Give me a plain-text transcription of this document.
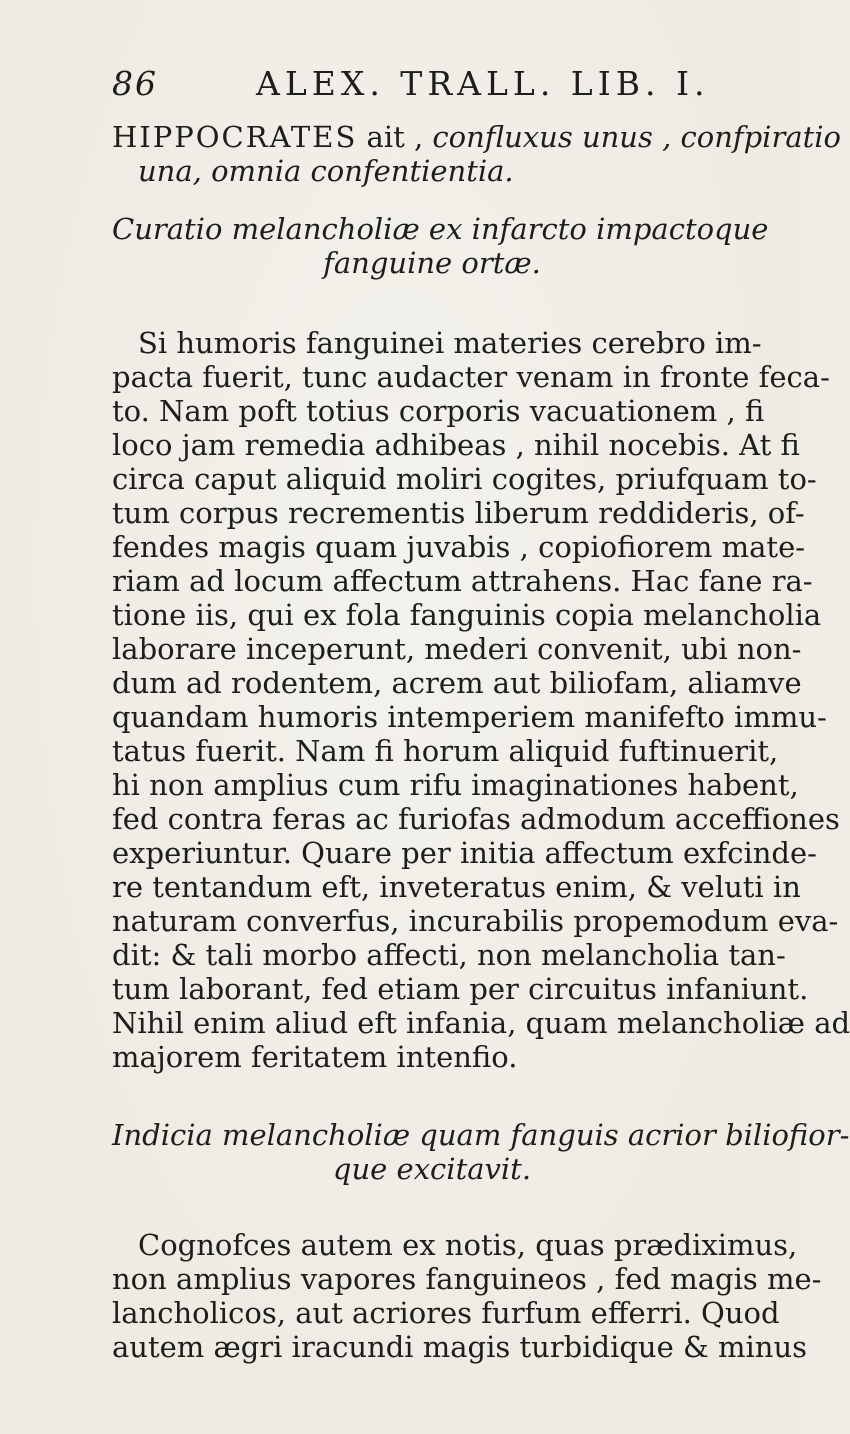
86	ALEX. TRALL. LIB. I.
HIPPOCRATES ait , confluxus unus , confpiratio
una, omnia confentientia.
Curatio melancholiæ ex infarcto impactoque
fanguine ortæ.
Si humoris fanguinei materies cerebro im-
pacta fuerit, tunc audacter venam in fronte feca-
to. Nam poft totius corporis vacuationem , fi
loco jam remedia adhibeas , nihil nocebis. At fi
circa caput aliquid moliri cogites, priufquam to-
tum corpus recrementis liberum reddideris, of-
fendes magis quam juvabis , copiofiorem mate-
riam ad locum affectum attrahens. Hac fane ra-
tione iis, qui ex fola fanguinis copia melancholia
laborare inceperunt, mederi convenit, ubi non-
dum ad rodentem, acrem aut biliofam, aliamve
quandam humoris intemperiem manifefto immu-
tatus fuerit. Nam fi horum aliquid fuftinuerit,
hi non amplius cum rifu imaginationes habent,
fed contra feras ac furiofas admodum acceffiones
experiuntur. Quare per initia affectum exfcinde-
re tentandum eft, inveteratus enim, & veluti in
naturam converfus, incurabilis propemodum eva-
dit: & tali morbo affecti, non melancholia tan-
tum laborant, fed etiam per circuitus infaniunt.
Nihil enim aliud eft infania, quam melancholiæ ad
majorem feritatem intenfio.
Indicia melancholiæ quam fanguis acrior biliofior-
que excitavit.
Cognofces autem ex notis, quas prædiximus,
non amplius vapores fanguineos , fed magis me-
lancholicos, aut acriores furfum efferri. Quod
autem ægri iracundi magis turbidique & minus
